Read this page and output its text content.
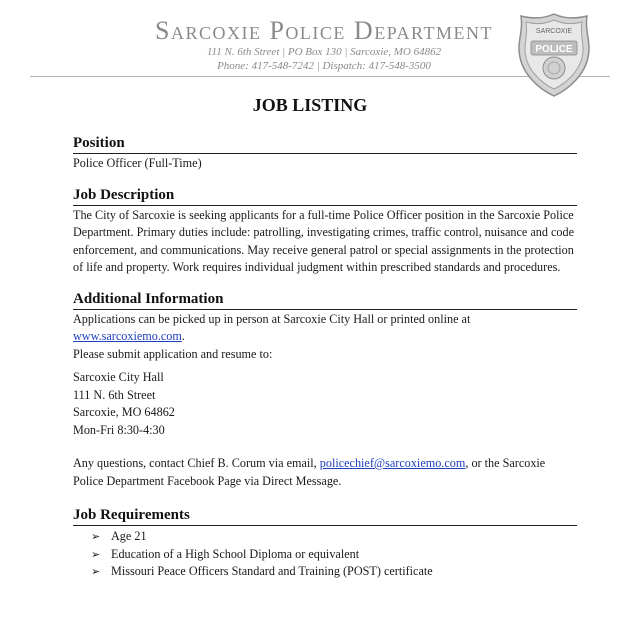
Sarcoxie Police Department
111 N. 6th Street | PO Box 130 | Sarcoxie, MO 64862
Phone: 417-548-7242 | Dispatch: 417-548-3500
SARCOXIE
POLICE
JOB LISTING
Position
Police Officer (Full-Time)
Job Description
The City of Sarcoxie is seeking applicants for a full-time Police Officer position in the Sarcoxie Police Department. Primary duties include: patrolling, investigating crimes, traffic control, nuisance and code enforcement, and communications. May receive general patrol or special assignments in the protection of life and property. Work requires individual judgment within prescribed standards and procedures.
Additional Information
Applications can be picked up in person at Sarcoxie City Hall or printed online at www.sarcoxiemo.com.
Please submit application and resume to:
Sarcoxie City Hall
111 N. 6th Street
Sarcoxie, MO 64862
Mon-Fri 8:30-4:30
Any questions, contact Chief B. Corum via email, policechief@sarcoxiemo.com, or the Sarcoxie Police Department Facebook Page via Direct Message.
Job Requirements
➢ Age 21
➢ Education of a High School Diploma or equivalent
➢ Missouri Peace Officers Standard and Training (POST) certificate
